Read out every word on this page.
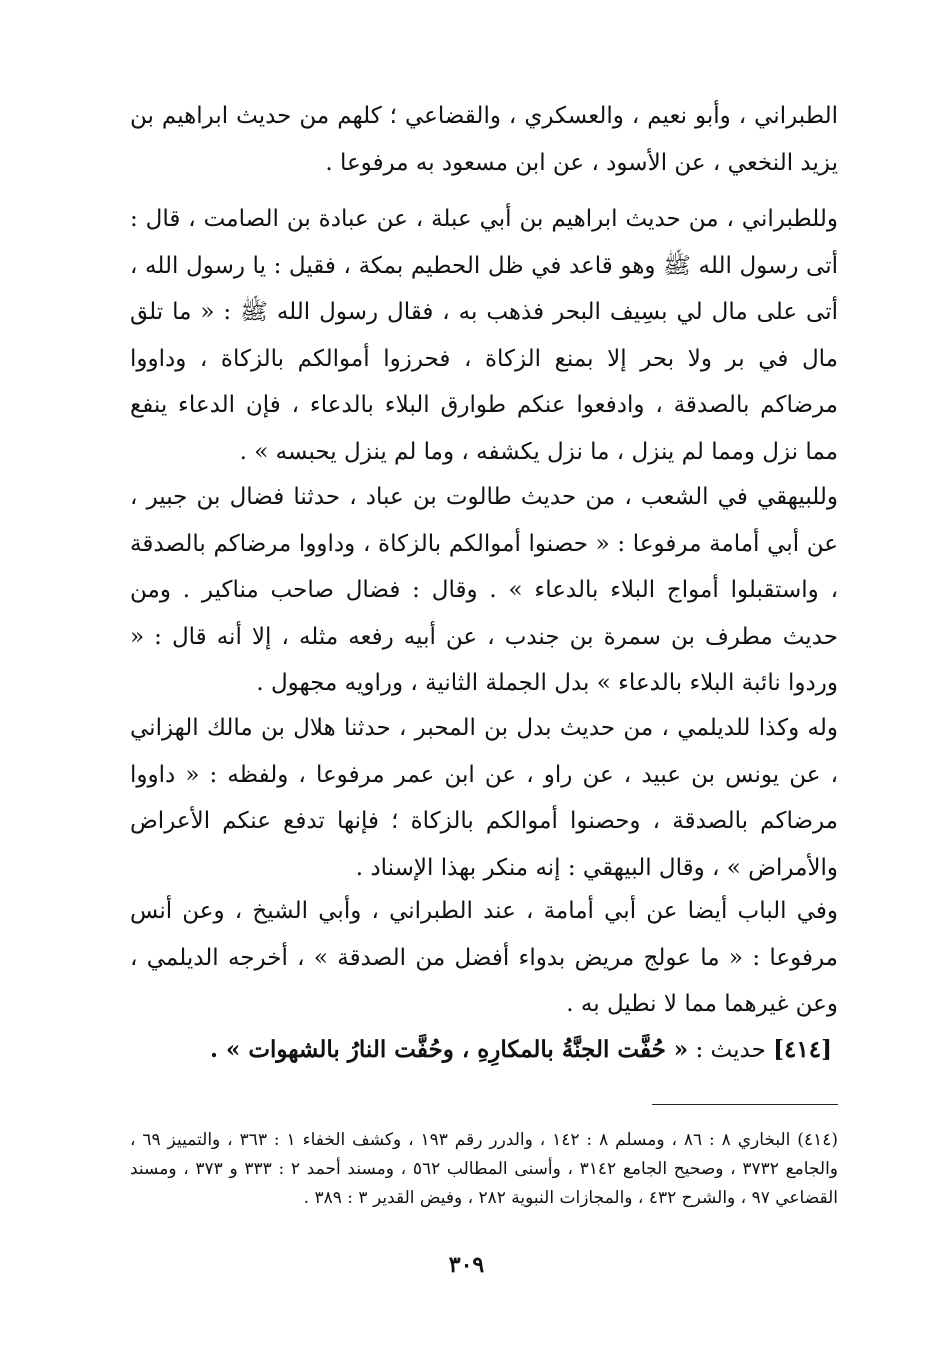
الطبراني ، وأبو نعيم ، والعسكري ، والقضاعي ؛ كلهم من حديث ابراهيم بن يزيد النخعي ، عن الأسود ، عن ابن مسعود به مرفوعا .

وللطبراني ، من حديث ابراهيم بن أبي عبلة ، عن عبادة بن الصامت ، قال : أتى رسول الله ﷺ وهو قاعد في ظل الحطيم بمكة ، فقيل : يا رسول الله ، أتى على مال لي بسِيف البحر فذهب به ، فقال رسول الله ﷺ : « ما تلق مال في بر ولا بحر إلا بمنع الزكاة ، فحرزوا أموالكم بالزكاة ، وداووا مرضاكم بالصدقة ، وادفعوا عنكم طوارق البلاء بالدعاء ، فإن الدعاء ينفع مما نزل ومما لم ينزل ، ما نزل يكشفه ، وما لم ينزل يحبسه » .

وللبيهقي في الشعب ، من حديث طالوت بن عباد ، حدثنا فضال بن جبير ، عن أبي أمامة مرفوعا : « حصنوا أموالكم بالزكاة ، وداووا مرضاكم بالصدقة ، واستقبلوا أمواج البلاء بالدعاء » . وقال : فضال صاحب مناكير . ومن حديث مطرف بن سمرة بن جندب ، عن أبيه رفعه مثله ، إلا أنه قال : « وردوا نائبة البلاء بالدعاء » بدل الجملة الثانية ، وراويه مجهول .

وله وكذا للديلمي ، من حديث بدل بن المحبر ، حدثنا هلال بن مالك الهزاني ، عن يونس بن عبيد ، عن راو ، عن ابن عمر مرفوعا ، ولفظه : « داووا مرضاكم بالصدقة ، وحصنوا أموالكم بالزكاة ؛ فإنها تدفع عنكم الأعراض والأمراض » ، وقال البيهقي : إنه منكر بهذا الإسناد .

وفي الباب أيضا عن أبي أمامة ، عند الطبراني ، وأبي الشيخ ، وعن أنس مرفوعا : « ما عولج مريض بدواء أفضل من الصدقة » ، أخرجه الديلمي ، وعن غيرهما مما لا نطيل به .

[٤١٤] حديث : « حُفَّت الجنَّةُ بالمكارِهِ ، وحُفَّت النارُ بالشهوات » .

(٤١٤) البخاري ٨ : ٨٦ ، ومسلم ٨ : ١٤٢ ، والدرر رقم ١٩٣ ، وكشف الخفاء ١ : ٣٦٣ ، والتمييز ٦٩ ، والجامع ٣٧٣٢ ، وصحيح الجامع ٣١٤٢ ، وأسنى المطالب ٥٦٢ ، ومسند أحمد ٢ : ٣٣٣ و ٣٧٣ ، ومسند القضاعي ٩٧ ، والشرح ٤٣٢ ، والمجازات النبوية ٢٨٢ ، وفيض القدير ٣ : ٣٨٩ .

٣٠٩
